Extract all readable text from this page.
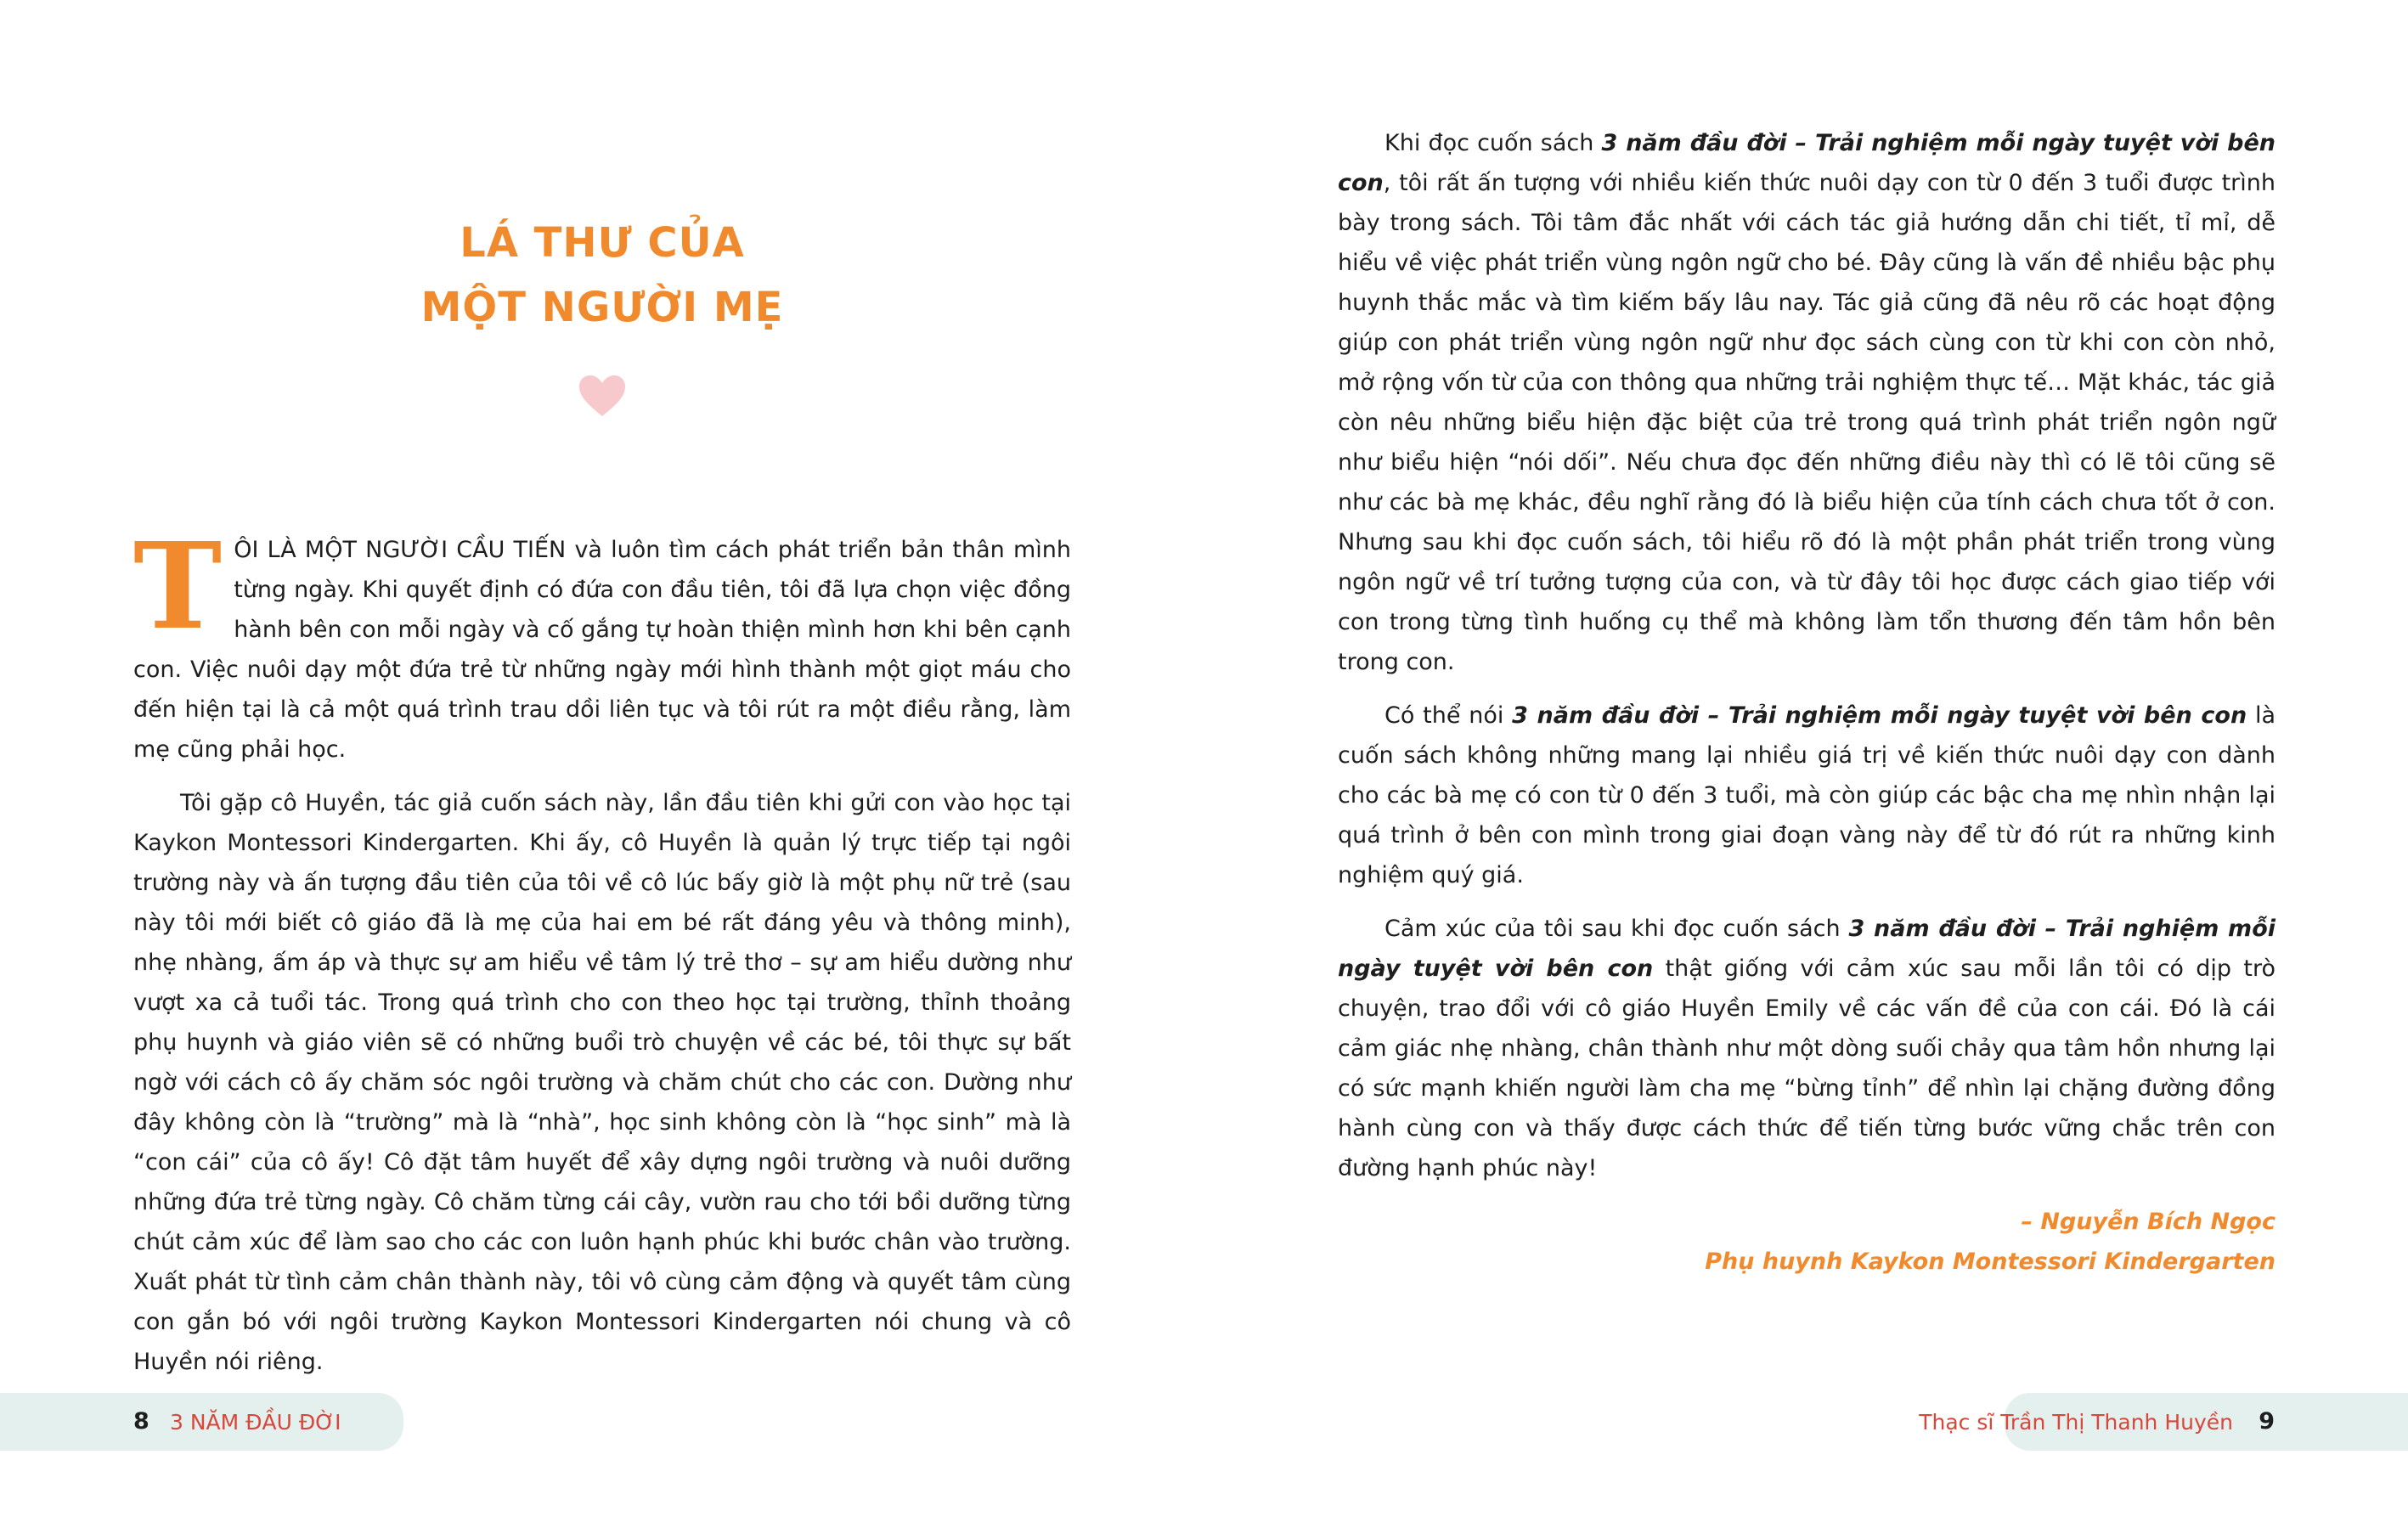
LÁ THƯ CỦA
MỘT NGƯỜI MẸ

TÔI LÀ MỘT NGƯỜI CẦU TIẾN và luôn tìm cách phát triển bản thân mình từng ngày. Khi quyết định có đứa con đầu tiên, tôi đã lựa chọn việc đồng hành bên con mỗi ngày và cố gắng tự hoàn thiện mình hơn khi bên cạnh con. Việc nuôi dạy một đứa trẻ từ những ngày mới hình thành một giọt máu cho đến hiện tại là cả một quá trình trau dồi liên tục và tôi rút ra một điều rằng, làm mẹ cũng phải học.

Tôi gặp cô Huyền, tác giả cuốn sách này, lần đầu tiên khi gửi con vào học tại Kaykon Montessori Kindergarten. Khi ấy, cô Huyền là quản lý trực tiếp tại ngôi trường này và ấn tượng đầu tiên của tôi về cô lúc bấy giờ là một phụ nữ trẻ (sau này tôi mới biết cô giáo đã là mẹ của hai em bé rất đáng yêu và thông minh), nhẹ nhàng, ấm áp và thực sự am hiểu về tâm lý trẻ thơ – sự am hiểu dường như vượt xa cả tuổi tác. Trong quá trình cho con theo học tại trường, thỉnh thoảng phụ huynh và giáo viên sẽ có những buổi trò chuyện về các bé, tôi thực sự bất ngờ với cách cô ấy chăm sóc ngôi trường và chăm chút cho các con. Dường như đây không còn là “trường” mà là “nhà”, học sinh không còn là “học sinh” mà là “con cái” của cô ấy! Cô đặt tâm huyết để xây dựng ngôi trường và nuôi dưỡng những đứa trẻ từng ngày. Cô chăm từng cái cây, vườn rau cho tới bồi dưỡng từng chút cảm xúc để làm sao cho các con luôn hạnh phúc khi bước chân vào trường. Xuất phát từ tình cảm chân thành này, tôi vô cùng cảm động và quyết tâm cùng con gắn bó với ngôi trường Kaykon Montessori Kindergarten nói chung và cô Huyền nói riêng.

8 3 NĂM ĐẦU ĐỜI

Khi đọc cuốn sách 3 năm đầu đời – Trải nghiệm mỗi ngày tuyệt vời bên con, tôi rất ấn tượng với nhiều kiến thức nuôi dạy con từ 0 đến 3 tuổi được trình bày trong sách. Tôi tâm đắc nhất với cách tác giả hướng dẫn chi tiết, tỉ mỉ, dễ hiểu về việc phát triển vùng ngôn ngữ cho bé. Đây cũng là vấn đề nhiều bậc phụ huynh thắc mắc và tìm kiếm bấy lâu nay. Tác giả cũng đã nêu rõ các hoạt động giúp con phát triển vùng ngôn ngữ như đọc sách cùng con từ khi con còn nhỏ, mở rộng vốn từ của con thông qua những trải nghiệm thực tế… Mặt khác, tác giả còn nêu những biểu hiện đặc biệt của trẻ trong quá trình phát triển ngôn ngữ như biểu hiện “nói dối”. Nếu chưa đọc đến những điều này thì có lẽ tôi cũng sẽ như các bà mẹ khác, đều nghĩ rằng đó là biểu hiện của tính cách chưa tốt ở con. Nhưng sau khi đọc cuốn sách, tôi hiểu rõ đó là một phần phát triển trong vùng ngôn ngữ về trí tưởng tượng của con, và từ đây tôi học được cách giao tiếp với con trong từng tình huống cụ thể mà không làm tổn thương đến tâm hồn bên trong con.

Có thể nói 3 năm đầu đời – Trải nghiệm mỗi ngày tuyệt vời bên con là cuốn sách không những mang lại nhiều giá trị về kiến thức nuôi dạy con dành cho các bà mẹ có con từ 0 đến 3 tuổi, mà còn giúp các bậc cha mẹ nhìn nhận lại quá trình ở bên con mình trong giai đoạn vàng này để từ đó rút ra những kinh nghiệm quý giá.

Cảm xúc của tôi sau khi đọc cuốn sách 3 năm đầu đời – Trải nghiệm mỗi ngày tuyệt vời bên con thật giống với cảm xúc sau mỗi lần tôi có dịp trò chuyện, trao đổi với cô giáo Huyền Emily về các vấn đề của con cái. Đó là cái cảm giác nhẹ nhàng, chân thành như một dòng suối chảy qua tâm hồn nhưng lại có sức mạnh khiến người làm cha mẹ “bừng tỉnh” để nhìn lại chặng đường đồng hành cùng con và thấy được cách thức để tiến từng bước vững chắc trên con đường hạnh phúc này!

– Nguyễn Bích Ngọc
Phụ huynh Kaykon Montessori Kindergarten
Thạc sĩ Trần Thị Thanh Huyền 9
